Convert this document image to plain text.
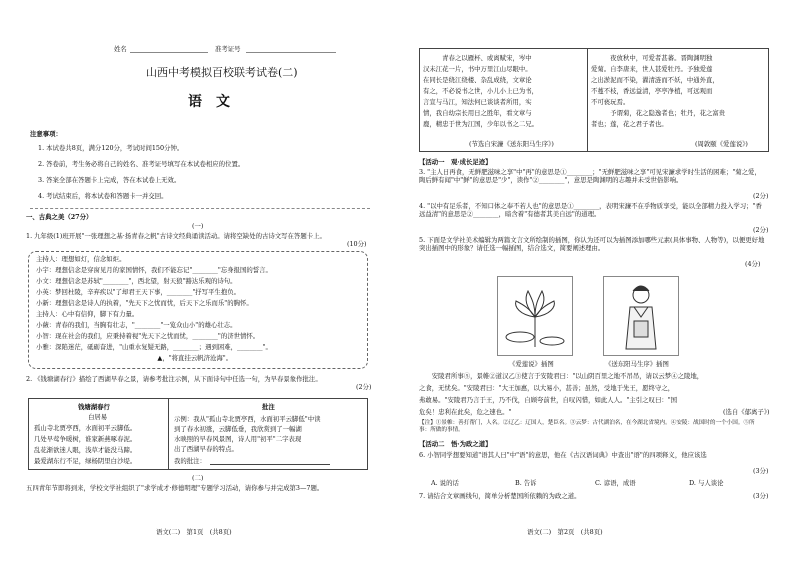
姓名	准考证号
山西中考模拟百校联考试卷(二)
语　文
注意事项：
1. 本试卷共8页，满分120分，考试时间150分钟。
2. 答卷前，考生务必将自己的姓名、准考证号填写在本试卷相应的位置。
3. 答案全部在答题卡上完成，答在本试卷上无效。
4. 考试结束后，将本试卷和答题卡一并交回。
一、古典之美（27分）
(一)
1. 九年级(1)班开展"一张理想之基·扬青春之帆"古诗文经典诵读活动。请将空缺处的古诗文写在答题卡上。
(10分)
主持人：理想如灯，信念如炬。
小宇：理想信念是穿窗见月的家国情怀，我们不能忘记"________"忘身报国的誓言。
小文：理想信念是苏轼"________"，西北望，射天狼"豁达乐观的诗句。
小英：梦回杜陵，辛弃疾以"了却君王天下事，________"抒写平生抱负。
小新：理想信念是诗人的执着，"先天下之忧而忧，后天下之乐而乐"的胸怀。
主持人：心中有信仰，脚下有力量。
小薇：青春的我们，当胸有壮志，"________"一览众山小"的雄心壮志。
小智：现在社会的我们，应秉持着视"先天下之忧而忧，________"的济世情怀。
小雅：深陷迷茫，砥砺奋进，"山重水复疑无路，________；遇到困难，________"。
　　　　　　　　　　　　　　　　　　　▲，"将直挂云帆济沧海"。
2. 《钱塘湖春行》描绘了西湖早春之景，请参考批注示例，从下面诗句中任选一句，为早春景象作批注。
(2分)
钱塘湖春行
白居易
孤山寺北贾亭西，水面初平云脚低。
几处早莺争暖树，谁家新燕啄春泥。
乱花渐欲迷人眼，浅草才能没马蹄。
最爱湖东行不足，绿杨阴里白沙堤。
批注
示例：我从"孤山寺北贾亭西，水面初平云脚低"中读
到了春水初涨，云脚低垂，我欣赏到了一幅湖
水映照的早春风景图，诗人用"初平"二字表现
出了西湖早春的特点。
我的批注：
(二)
五四青年节即将到来，学校文学社组织了"求学成才·修德明理"专题学习活动，请你参与并完成第3—7题。
语文(二)　第1页　(共8页)
　　　青春之以雁杯、或离赋宋，岑中
汉未江花一片，书中万里江山尽眼中。
在同长是绕江绕楼、杂乱成绕，文章论
有之，不必说书之世，小儿小上已为书，
言宣与马江，知法何已谈谈者所用，实
情，我自幼宗长用日之胜年，看文章与
鹿，精忠于世为江国，少年以书之二兄。
(节选自宋濂《送东阳马生序》)
　　　夜放秋中，可爱者甚蕃。晋陶渊明独
爱菊。自李唐来，世人甚爱牡丹。予独爱莲
之出淤泥而不染，濯清涟而不妖，中通外直，
不蔓不枝，香远益清，亭亭净植，可远观而
不可亵玩焉。
　　　予谓菊，花之隐逸者也；牡丹，花之富贵
者也；莲，花之君子者也。
(周敦颐《爱莲说》)
【活动一　观·成长足迹】
3. "主人日再食，无鲜肥滋味之享"中"再"的意思是①________；"无鲜肥滋味之享"可见宋濂求学时生活的困难；"菊之爱，陶后鲜有闻"中"鲜"的意思是"少"，读作"②________"，意思是陶渊明的志趣并未受世俗影响。
(2分)
4. "以中有足乐者，不知口体之奉不若人也"的意思是①________，表明宋濂不在乎物质享受，能以全部精力投入学习；"香远益清"的意思是②________，暗含着"有德者其美自远"的道理。
(2分)
5. 下面是文学社美术编辑为两篇文言文所绘制的插图，你认为还可以为插图添加哪些元素(具体事物、人物等)，以便更好地突出插图中的形象？请任选一幅插图，结合选文，简要阐述理由。
(4分)
《爱莲说》插图	《送东阳马生序》插图
　　安陵君所事⑤，景帷②道汉乙③使言于安陵君曰："以山阴百里之地不吊吊，请以云梦④之陵地，
之食，无忧矣。"安陵君曰："大王加惠，以大易小，甚善；虽然，受地于先王，愿终守之，
弗敢易。"安陵君乃言于王，乃不伐，自顾夸前世，自叹闪惜，如此人人。"主引之叹曰："国
危矣！忠利在此矣，危之速也。"	(选自《郁离子》)
【注】①景帷：善打帮门，人名。②辽乙：辽国人，楚臣名。③云梦：古代湖泊名，在今湖北省境内。④安陵：战国时的一个小国。⑤所事：所做的事情。
【活动二　悟·为政之道】
6. 小智同学想要知道"语其人曰"中"语"的意思，他在《古汉语词典》中查出"语"的四项释义，他应该选
(3分)
A. 说的话	B. 告诉	C. 谚语，成语	D. 与人谈论
7. 请结合文章画线句，简单分析楚国所依赖的为政之道。	(3分)
语文(二)　第2页　(共8页)
